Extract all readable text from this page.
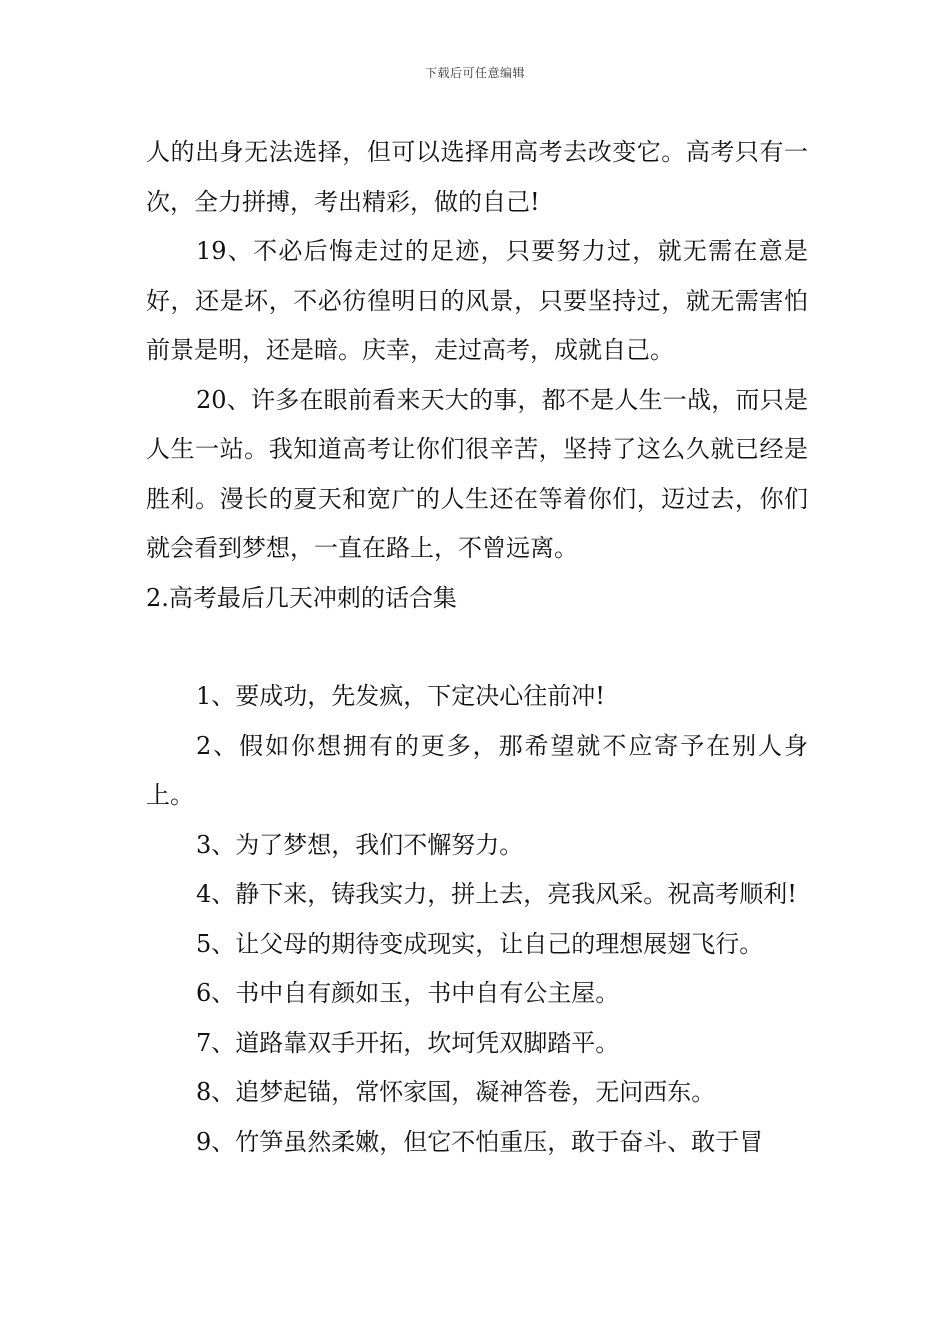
下载后可任意编辑

人的出身无法选择，但可以选择用高考去改变它。高考只有一次，全力拼搏，考出精彩，做的自己!

19、不必后悔走过的足迹，只要努力过，就无需在意是好，还是坏，不必彷徨明日的风景，只要坚持过，就无需害怕前景是明，还是暗。庆幸，走过高考，成就自己。

20、许多在眼前看来天大的事，都不是人生一战，而只是人生一站。我知道高考让你们很辛苦，坚持了这么久就已经是胜利。漫长的夏天和宽广的人生还在等着你们，迈过去，你们就会看到梦想，一直在路上，不曾远离。

2.高考最后几天冲刺的话合集

1、要成功，先发疯，下定决心往前冲!

2、假如你想拥有的更多，那希望就不应寄予在别人身上。

3、为了梦想，我们不懈努力。

4、静下来，铸我实力，拼上去，亮我风采。祝高考顺利!

5、让父母的期待变成现实，让自己的理想展翅飞行。

6、书中自有颜如玉，书中自有公主屋。

7、道路靠双手开拓，坎坷凭双脚踏平。

8、追梦起锚，常怀家国，凝神答卷，无问西东。

9、竹笋虽然柔嫩，但它不怕重压，敢于奋斗、敢于冒
